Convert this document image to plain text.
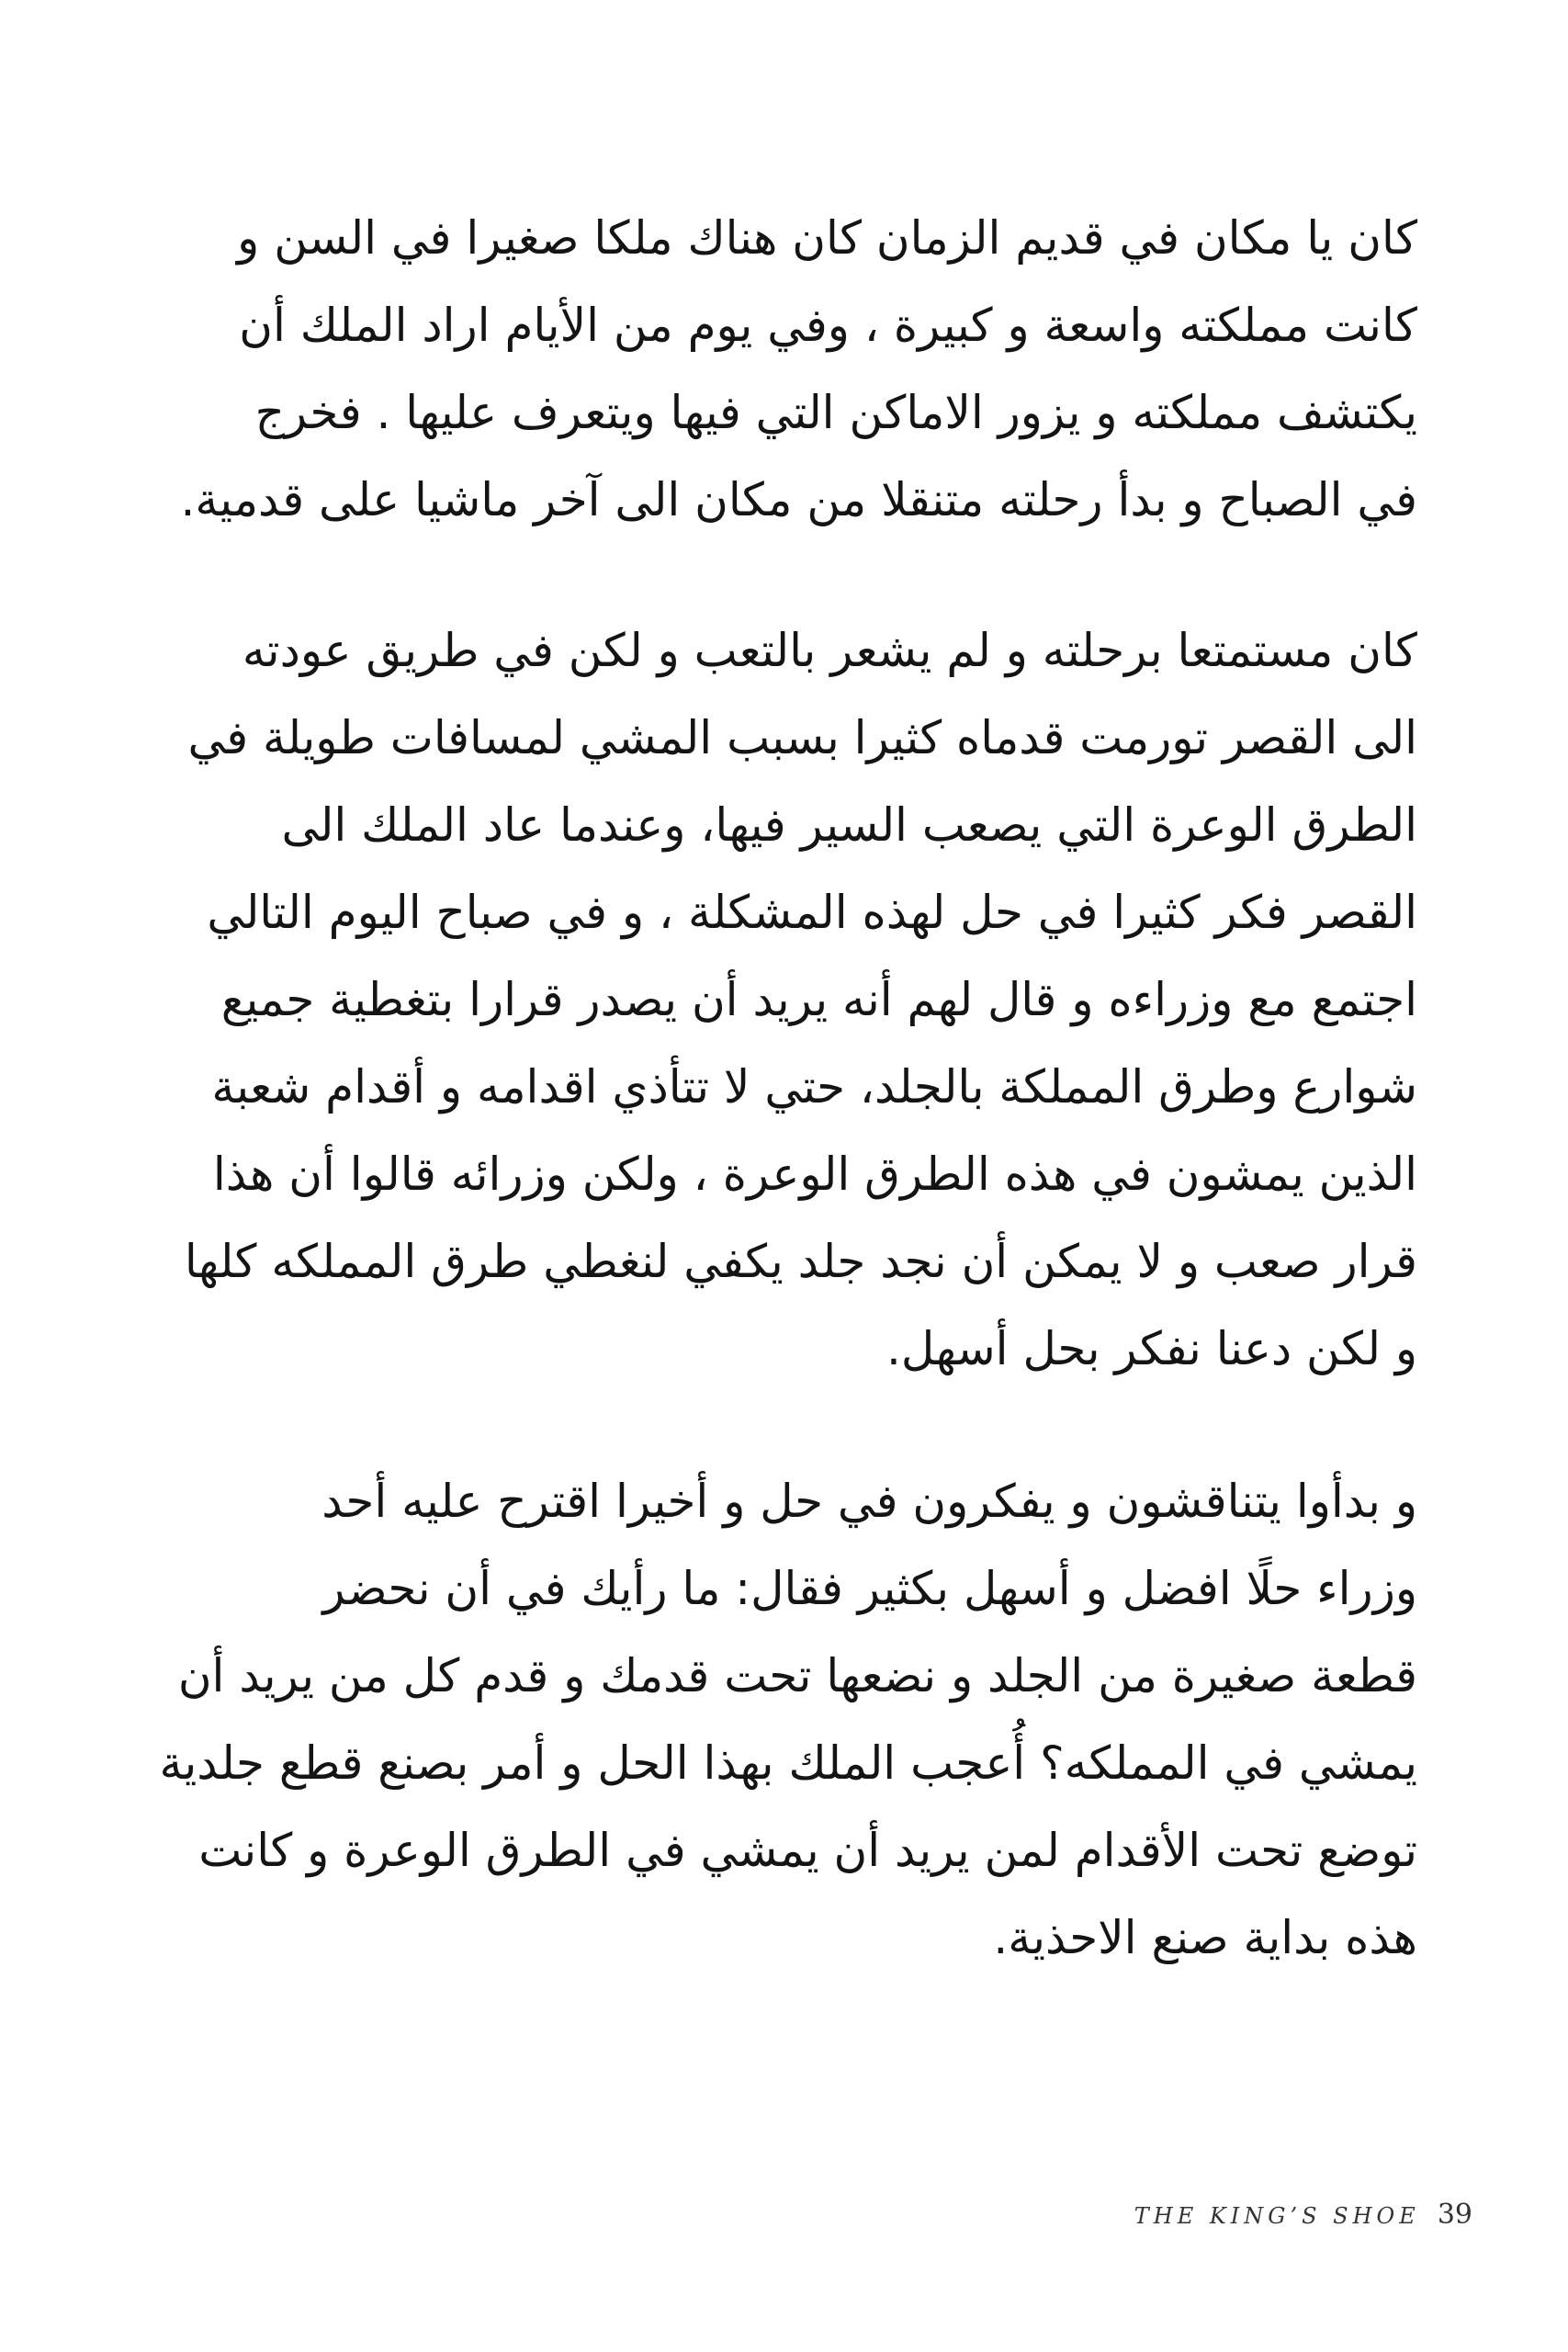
كان يا مكان في قديم الزمان كان هناك ملكا صغيرا في السن و
كانت مملكته واسعة و كبيرة ، وفي يوم من الأيام اراد الملك أن
يكتشف مملكته و يزور الاماكن التي فيها ويتعرف عليها . فخرج
في الصباح و بدأ رحلته متنقلا من مكان الى آخر ماشيا على قدمية.
كان مستمتعا برحلته و لم يشعر بالتعب و لكن في طريق عودته
الى القصر تورمت قدماه كثيرا بسبب المشي لمسافات طويلة في
الطرق الوعرة التي يصعب السير فيها، وعندما عاد الملك الى
القصر فكر كثيرا في حل لهذه المشكلة ، و في صباح اليوم التالي
اجتمع مع وزراءه و قال لهم أنه يريد أن يصدر قرارا بتغطية جميع
شوارع وطرق المملكة بالجلد، حتي لا تتأذي اقدامه و أقدام شعبة
الذين يمشون في هذه الطرق الوعرة ، ولكن وزرائه قالوا أن هذا
قرار صعب و لا يمكن أن نجد جلد يكفي لنغطي طرق المملكه كلها
و لكن دعنا نفكر بحل أسهل.
و بدأوا يتناقشون و يفكرون في حل و أخيرا اقترح عليه أحد
وزراء حلًا افضل و أسهل بكثير فقال: ما رأيك في أن نحضر
قطعة صغيرة من الجلد و نضعها تحت قدمك و قدم كل من يريد أن
يمشي في المملكه؟ أُعجب الملك بهذا الحل و أمر بصنع قطع جلدية
توضع تحت الأقدام لمن يريد أن يمشي في الطرق الوعرة و كانت
هذه بداية صنع الاحذية.
THE KING’S SHOE 39
